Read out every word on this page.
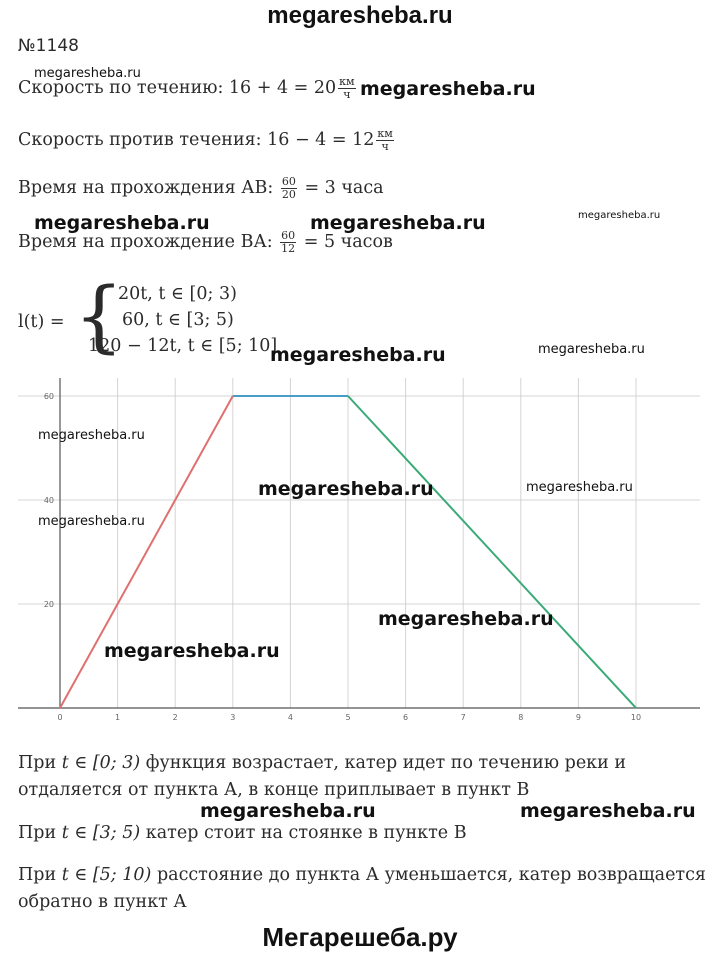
megaresheba.ru
№1148
megaresheba.ru
Скорость по течению: $16 + 4 = 20 \frac{км}{ч}$ megaresheba.ru
Скорость против течения: $16 - 4 = 12 \frac{км}{ч}$
Время на прохождения АВ: $\frac{60}{20} = 3$ часа
megaresheba.ru	megaresheba.ru	megaresheba.ru
Время на прохождение ВА: $\frac{60}{12} = 5$ часов
l(t) = {
20t, t ∈ [0; 3)
60, t ∈ [3; 5)
120 − 12t, t ∈ [5; 10]
megaresheba.ru	megaresheba.ru
0	1	2	3	4	5	6	7	8	9	10
20
40
60
megaresheba.ru
megaresheba.ru	megaresheba.ru
megaresheba.ru
megaresheba.ru
megaresheba.ru
При t ∈ [0; 3) функция возрастает, катер идет по течению реки и
отдаляется от пункта А, в конце приплывает в пункт В
megaresheba.ru	megaresheba.ru
При t ∈ [3; 5) катер стоит на стоянке в пункте В
При t ∈ [5; 10) расстояние до пункта А уменьшается, катер возвращается
обратно в пункт А
Мегарешеба.ру
